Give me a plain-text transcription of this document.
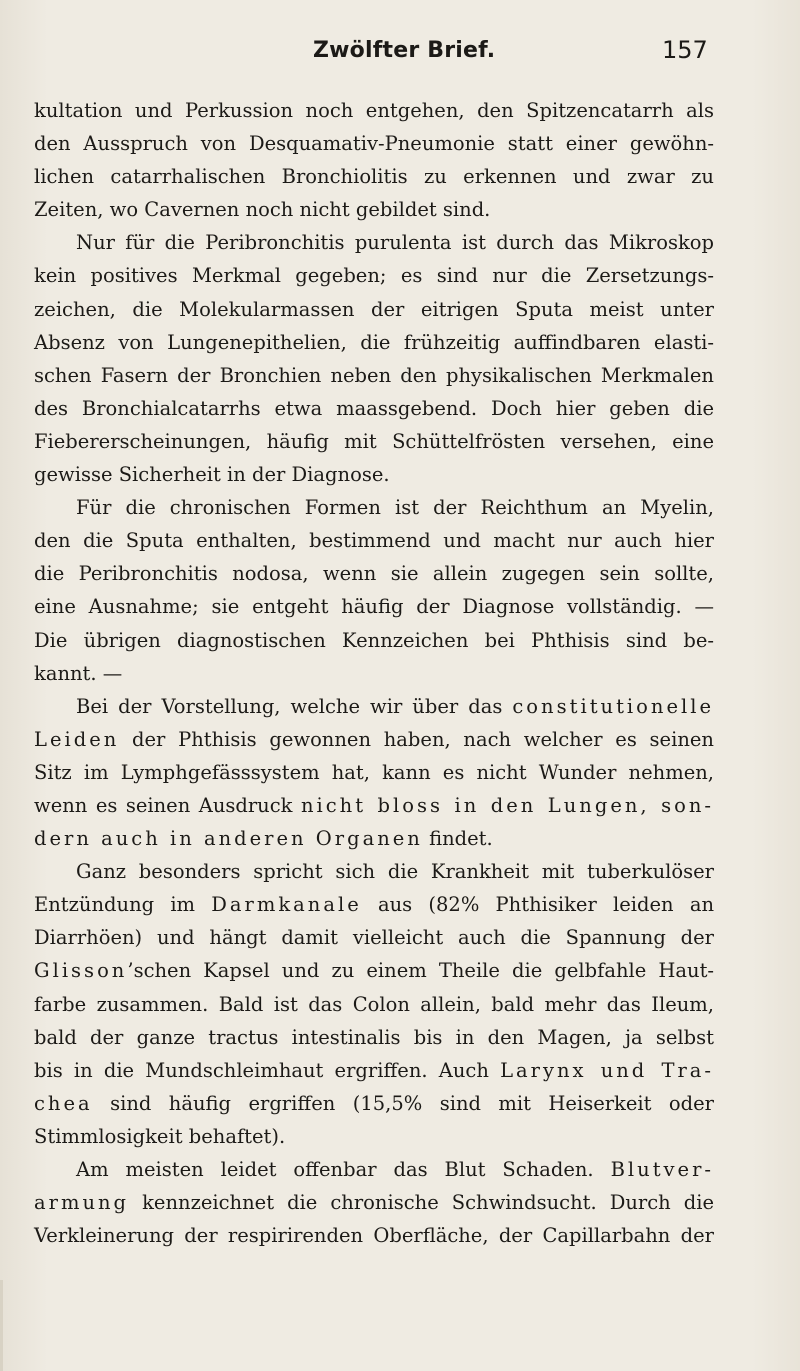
Zwölfter Brief.	157

kultation und Perkussion noch entgehen, den Spitzencatarrh als

den Ausspruch von Desquamativ-Pneumonie statt einer gewöhn-

lichen catarrhalischen Bronchiolitis zu erkennen und zwar zu

Zeiten, wo Cavernen noch nicht gebildet sind.

Nur für die Peribronchitis purulenta ist durch das Mikroskop

kein positives Merkmal gegeben; es sind nur die Zersetzungs-

zeichen, die Molekularmassen der eitrigen Sputa meist unter

Absenz von Lungenepithelien, die frühzeitig auffindbaren elasti-

schen Fasern der Bronchien neben den physikalischen Merkmalen

des Bronchialcatarrhs etwa maassgebend. Doch hier geben die

Fiebererscheinungen, häufig mit Schüttelfrösten versehen, eine

gewisse Sicherheit in der Diagnose.

Für die chronischen Formen ist der Reichthum an Myelin,

den die Sputa enthalten, bestimmend und macht nur auch hier

die Peribronchitis nodosa, wenn sie allein zugegen sein sollte,

eine Ausnahme; sie entgeht häufig der Diagnose vollständig. —

Die übrigen diagnostischen Kennzeichen bei Phthisis sind be-

kannt. —

Bei der Vorstellung, welche wir über das constitutionelle

Leiden der Phthisis gewonnen haben, nach welcher es seinen

Sitz im Lymphgefässsystem hat, kann es nicht Wunder nehmen,

wenn es seinen Ausdruck nicht bloss in den Lungen, son-

dern auch in anderen Organen findet.

Ganz besonders spricht sich die Krankheit mit tuberkulöser

Entzündung im Darmkanale aus (82% Phthisiker leiden an

Diarrhöen) und hängt damit vielleicht auch die Spannung der

Glisson’schen Kapsel und zu einem Theile die gelbfahle Haut-

farbe zusammen. Bald ist das Colon allein, bald mehr das Ileum,

bald der ganze tractus intestinalis bis in den Magen, ja selbst

bis in die Mundschleimhaut ergriffen. Auch Larynx und Tra-

chea sind häufig ergriffen (15,5% sind mit Heiserkeit oder

Stimmlosigkeit behaftet).

Am meisten leidet offenbar das Blut Schaden. Blutver-

armung kennzeichnet die chronische Schwindsucht. Durch die

Verkleinerung der respirirenden Oberfläche, der Capillarbahn der
